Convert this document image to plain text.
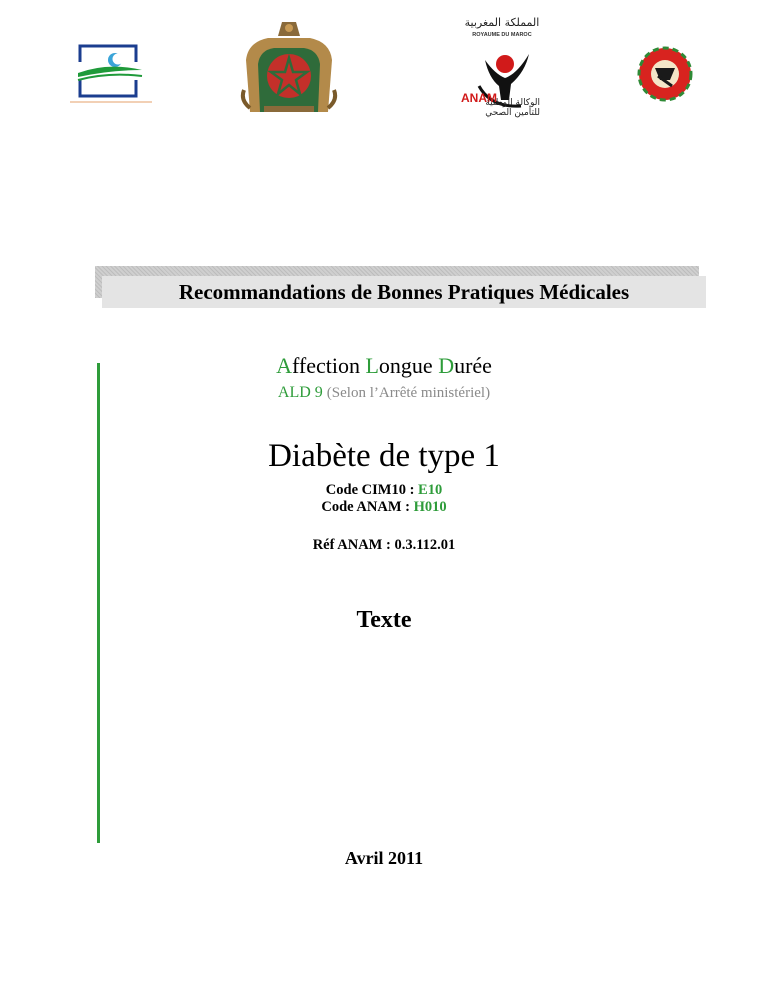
المملكة المغربية
ROYAUME DU MAROC
ANAM
الوكالة الوطنية
للتأمين الصحي
Recommandations de Bonnes Pratiques Médicales
Affection Longue Durée
ALD 9 (Selon l’Arrêté ministériel)
Diabète de type 1
Code CIM10 : E10
Code ANAM : H010
Réf ANAM : 0.3.112.01
Texte
Avril 2011
